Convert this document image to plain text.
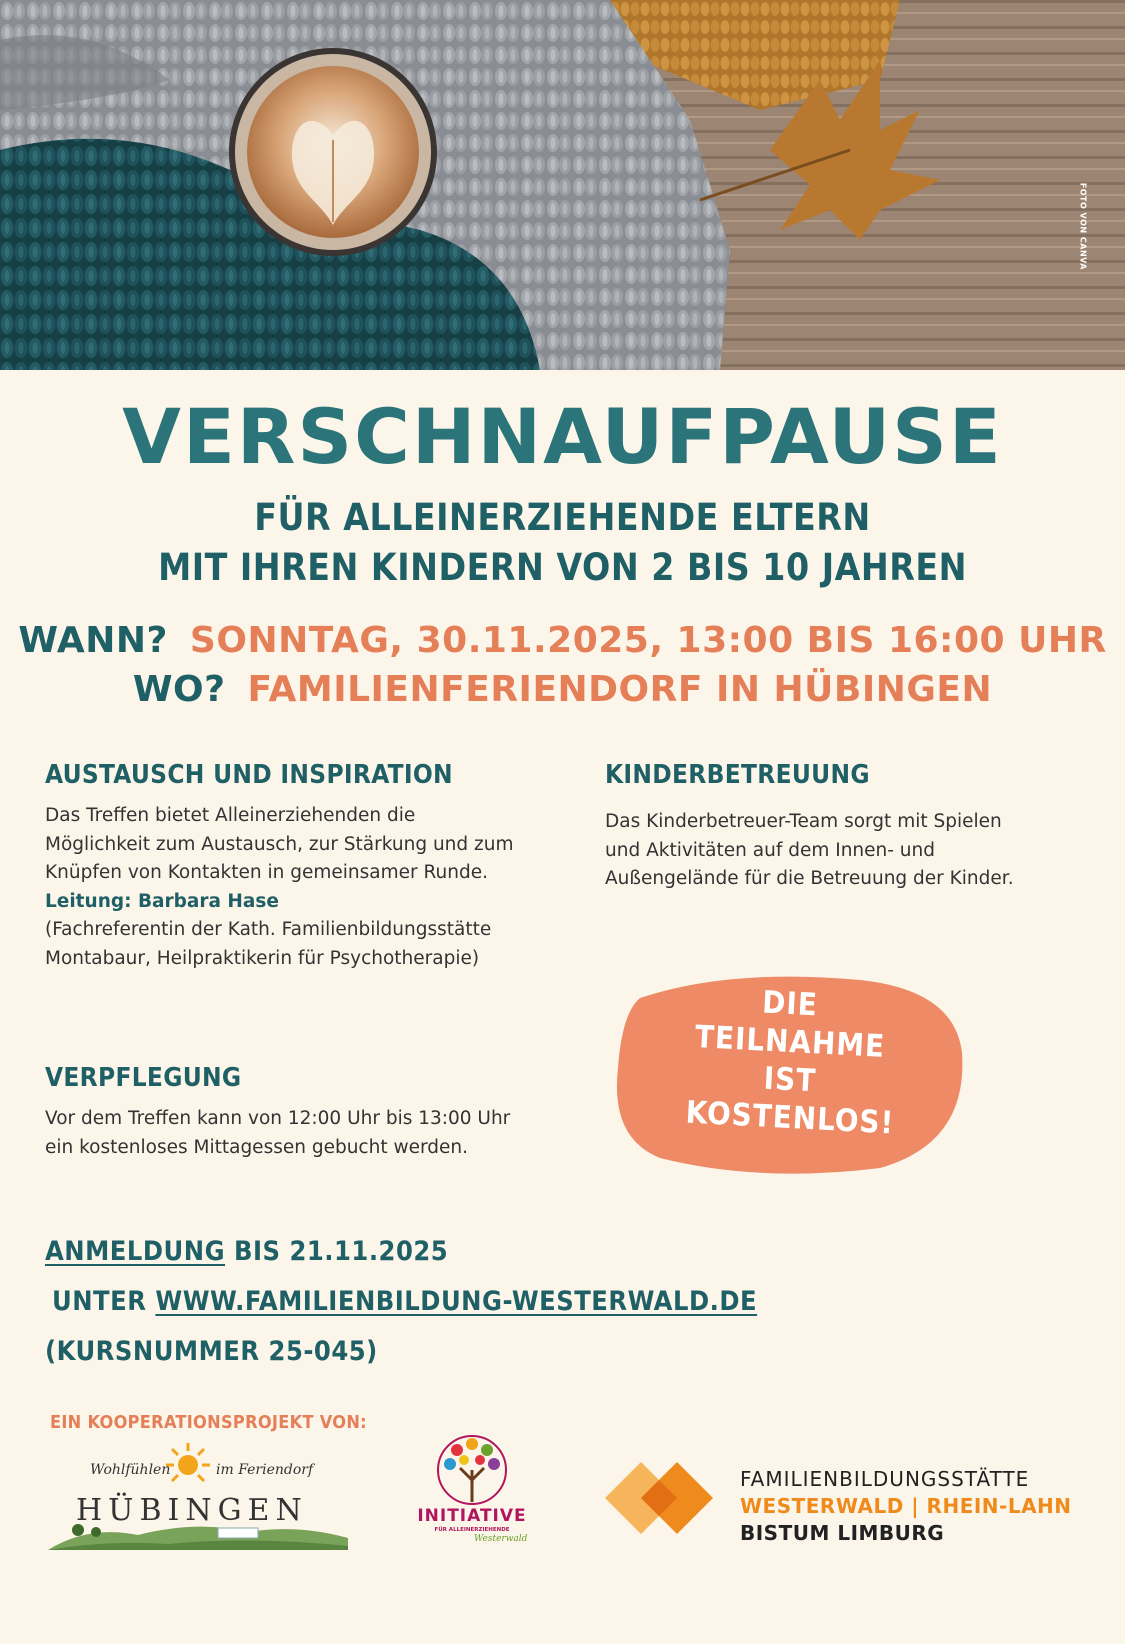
FOTO VON CANVA
VERSCHNAUFPAUSE
FÜR ALLEINERZIEHENDE ELTERN
MIT IHREN KINDERN VON 2 BIS 10 JAHREN
WANN? SONNTAG, 30.11.2025, 13:00 BIS 16:00 UHR
WO? FAMILIENFERIENDORF IN HÜBINGEN
AUSTAUSCH UND INSPIRATION

Das Treffen bietet Alleinerziehenden die Möglichkeit zum Austausch, zur Stärkung und zum Knüpfen von Kontakten in gemeinsamer Runde.

Leitung: Barbara Hase

(Fachreferentin der Kath. Familienbildungsstätte Montabaur, Heilpraktikerin für Psychotherapie)

KINDERBETREUUNG

Das Kinderbetreuer-Team sorgt mit Spielen und Aktivitäten auf dem Innen- und Außengelände für die Betreuung der Kinder.

VERPFLEGUNG

Vor dem Treffen kann von 12:00 Uhr bis 13:00 Uhr ein kostenloses Mittagessen gebucht werden.

DIE
TEILNAHME
IST
KOSTENLOS!
ANMELDUNG BIS 21.11.2025
UNTER WWW.FAMILIENBILDUNG-WESTERWALD.DE
(KURSNUMMER 25-045)
EIN KOOPERATIONSPROJEKT VON:
Wohlfühlen	im Feriendorf
HÜBINGEN	INITIATIVE
FÜR ALLEINERZIEHENDE
Westerwald
FAMILIENBILDUNGSSTÄTTE
WESTERWALD | RHEIN-LAHN
BISTUM LIMBURG
